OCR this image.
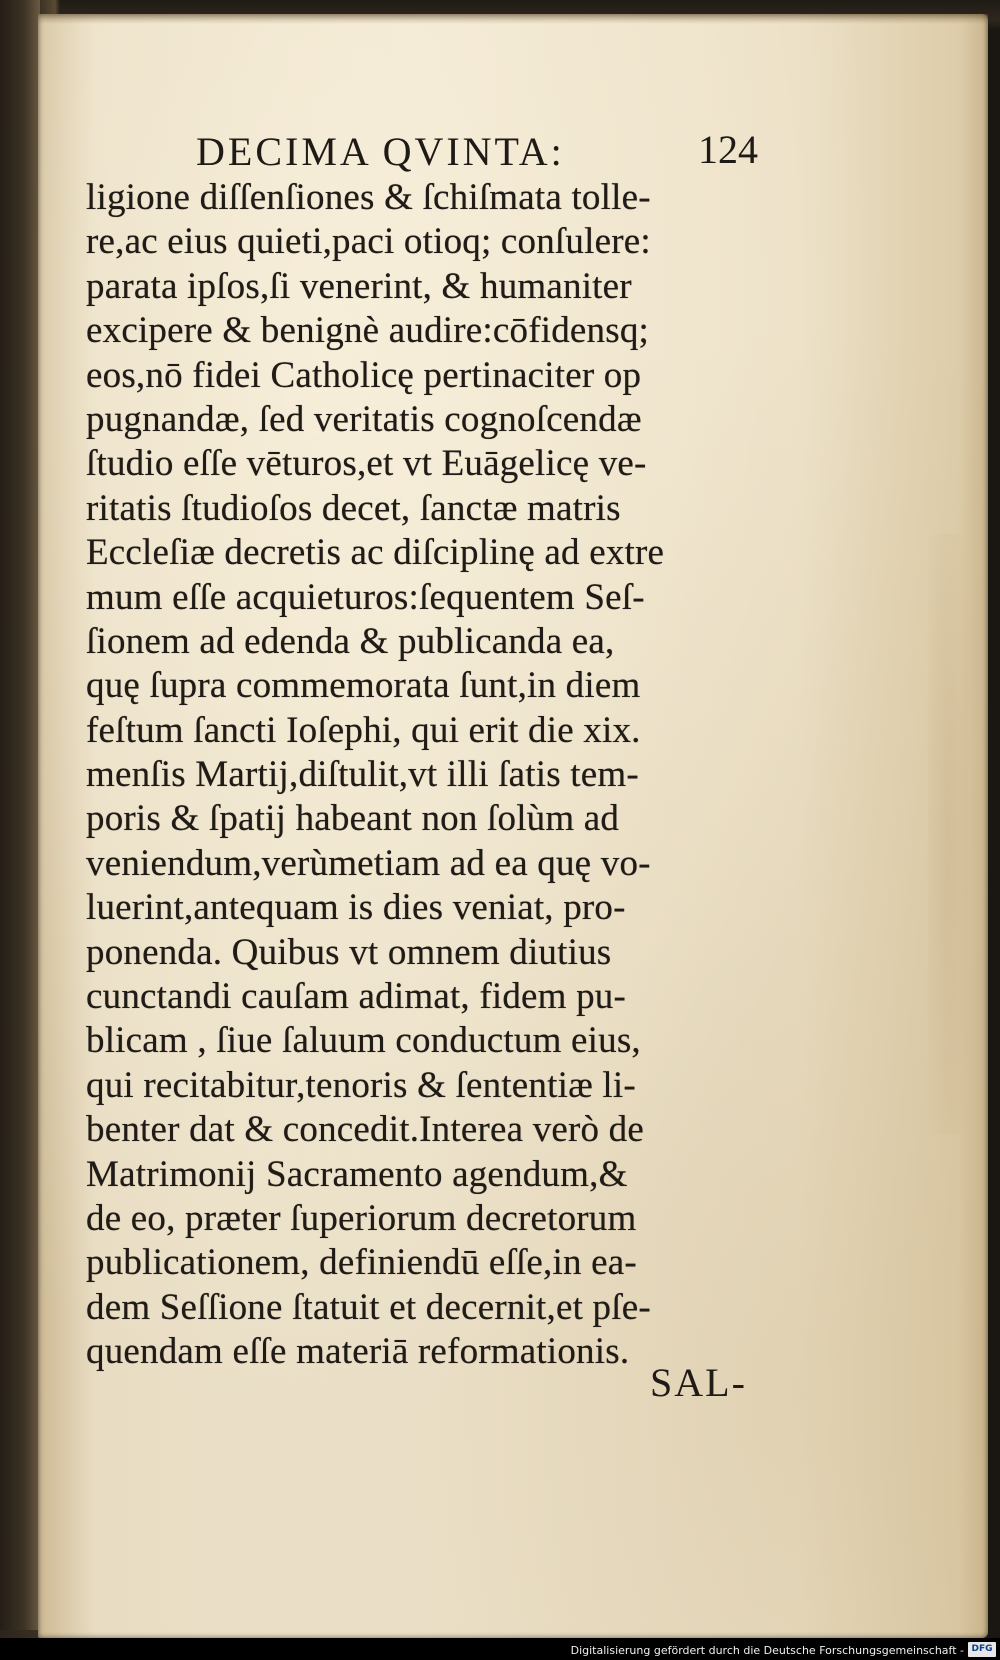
DECIMA QVINTA:	124
ligione diſſenſiones & ſchiſmata tolle-
re,ac eius quieti,paci otioq; conſulere:
parata ipſos,ſi venerint, & humaniter
excipere & benignè audire:cōfidensq;
eos,nō fidei Catholicę pertinaciter op
pugnandæ, ſed veritatis cognoſcendæ
ſtudio eſſe vēturos,et vt Euāgelicę ve-
ritatis ſtudioſos decet, ſanctæ matris
Eccleſiæ decretis ac diſciplinę ad extre
mum eſſe acquieturos:ſequentem Seſ-
ſionem ad edenda & publicanda ea,
quę ſupra commemorata ſunt,in diem
feſtum ſancti Ioſephi, qui erit die xix.
menſis Martij,diſtulit,vt illi ſatis tem-
poris & ſpatij habeant non ſolùm ad
veniendum,verùmetiam ad ea quę vo-
luerint,antequam is dies veniat, pro-
ponenda. Quibus vt omnem diutius
cunctandi cauſam adimat, fidem pu-
blicam , ſiue ſaluum conductum eius,
qui recitabitur,tenoris & ſententiæ li-
benter dat & concedit.Interea verò de
Matrimonij Sacramento agendum,&
de eo, præter ſuperiorum decretorum
publicationem, definiendū eſſe,in ea-
dem Seſſione ſtatuit et decernit,et pſe-
quendam eſſe materiā reformationis.
SAL-
Digitalisierung gefördert durch die Deutsche Forschungsgemeinschaft - DFG
